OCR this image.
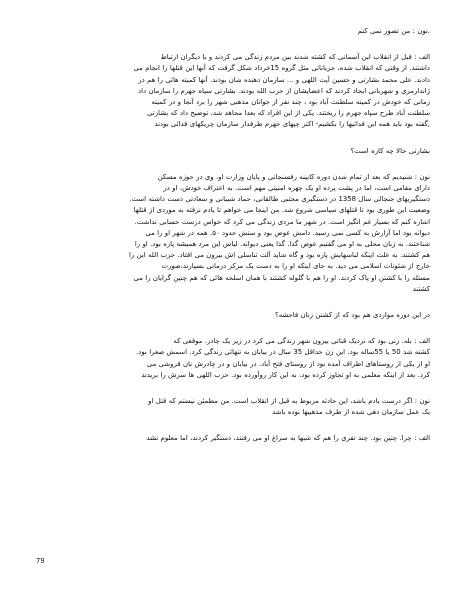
.نون : من تصور نمی کنم

الف : قبل از انقلاب این آسمانی که کشته شدند بین مردم زندگی می کردند و با دیگران ارتباط
داشتند. از وقتی که انقلاب شده، جریاناتی مثل گروه 15خرداد شکل گرفت که آنها این قتلها را انجام می
دادند. علی محمد بشارتی و حسین آیت اللهی و ... سازمان دهنده شان بودند. آنها کمیته هائی را هم در
ژاندارمری و شهربانی ایجاد کردند که اعضایشان از حزب الله بودند. بشارتی سپاه جهرم را سازمان داد
زمانی که خودش در کمیته سلطنت آباد بود ، چند نفر از جوانان مذهبی شهر را برد آنجا و در کمیته
سلطنت آباد طرح سپاه جهرم را ریختند. یکی از این افراد که بعدا مجاهد شد، توضیح داد که بشارتی
,گفته بود باید همه این فدائیها را بکشیم- اکثر چپهای جهرم طرفدار سازمان چریکهای فدائی بودند

بشارتی حالا چه کاره است؟

نون : شنیدیم که بعد از تمام شدن دوره کابینه رفسنجانی و پایان وزارت او، وی در حوزه مسکن
دارای مقامی است، اما در پشت پرده او یک چهره امنیتی مهم است. به اعتراف خودش، او در
دستگیریهای جنجالی سال 1358 در دستگیری مجتبی طالقانی، حماد شیبانی و سعادتی دست داشته است.
وضعیت این طوری بود تا قتلهای سیاسی شروع شد. من اینجا می خواهم تا یادم نرفته به موردی از قتلها
اشاره کنم که بسیار غم انگیز است. در شهر ما مردی زندگی می کرد که حواس درست حسابی نداشت.
دیوانه بود اما آزارش به کسی نمی رسید. دامش عوض بود و سنش حدود ۵۰. همه در شهر او را می
شناختند. به زبان محلی به او می گفتیم عوض گذا. گذا یعنی دیوانه. لباس این مرد همیشه پاره بود. او را
هم کشتند. به علت اینکه لباسهایش پاره بود و گاه شاید آلت تناسلی اش بیرون می افتاد. حزب الله این را
خارج از شئونات اسلامی می دید. به جای اینکه او را به دست یک مرکز درمانی بسپارند،صورت
مسئله را با کشتن او پاک کردند. او را هم با گلوله کشتند با همان اسلحه هائی که هم چنین گرایان را می
کشتند

در این دوره مواردی هم بود که از کشتن زنان فاحشه؟

الف : بله. زنی بود که نزدیک قناتی بیرون شهر زندگی می کرد در زیر یک چادر. موقعی که
کشته شد 50 یا 55ساله بود. این زن حداقل 35 سال در بیابان به تنهائی زندگی کرد. اسمش صغرا بود.
او از یکی از روستاهای اطراف آمده بود از روستای فتح آباد. در بیابان و در چادرش نان فروشی می
کرد. بعد از اینکه معلمی به او تجاوز کرده بود، به این کار روآورده بود. حزب اللهی ها سرش را بریدند

نون : اگر درست یادم باشد، این حادثه مربوط به قبل از انقلاب است. من مطمئن نیستم که قتل او
یک عمل سازمان دهی شده از طرف مذهبیها بوده باشد

الف : چرا. چنین بود. چند نفری را هم که شبها به سراغ او می رفتند، دستگیر کردند، اما معلوم نشد

79
